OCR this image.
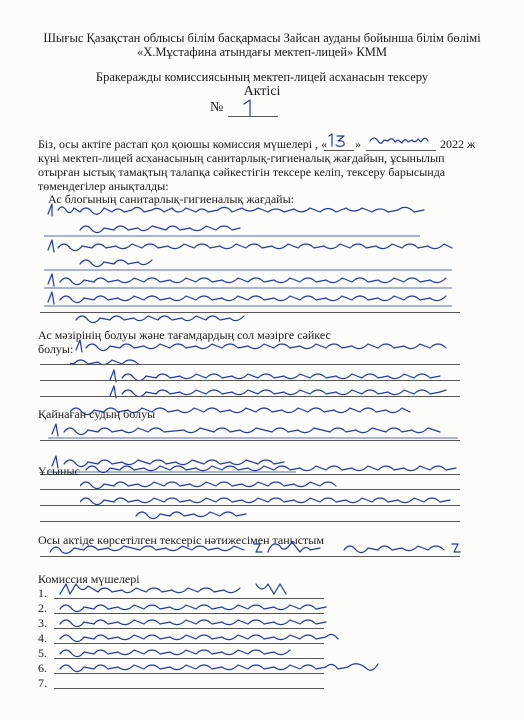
Шығыс Қазақстан облысы білім басқармасы Зайсан ауданы бойынша білім бөлімі
«Х.Мұстафина атындағы мектеп-лицей» КММ
Бракеражды комиссиясының мектеп-лицей асханасын тексеру
Актісі
№
Біз, осы актіге растап қол қоюшы комиссия мүшелері , « »	2022 ж
күні мектеп-лицей асханасының санитарлық-гигиеналық жағдайын, ұсынылып
отырған ыстық тамақтың талапқа сәйкестігін тексере келіп, тексеру барысында
төмендегілер анықталды:
Ас блогының санитарлық-гигиеналық жағдайы:
Ас мәзірінің болуы және тағамдардың сол мәзірге сәйкес
болуы:
Қайнаған судың болуы
Ұсыныс
Осы актіде көрсетілген тексеріс нәтижесімен таныстым
Комиссия мүшелері
1.
2.
3.
4.
5.
6.
7.
